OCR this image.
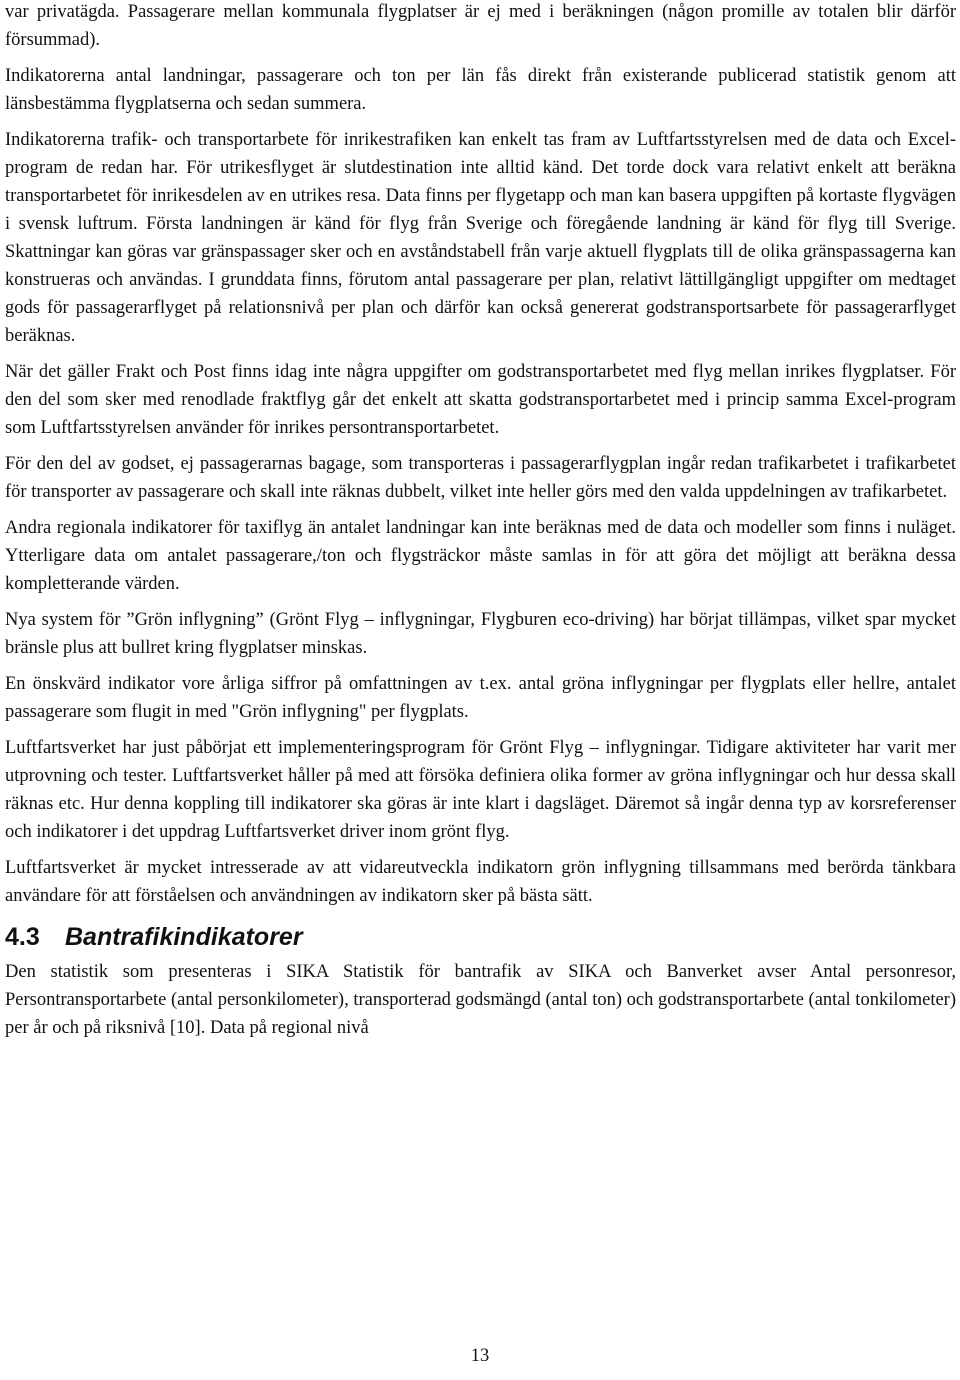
var privatägda. Passagerare mellan kommunala flygplatser är ej med i beräkningen (någon promille av totalen blir därför försummad).

Indikatorerna antal landningar, passagerare och ton per län fås direkt från existerande publicerad statistik genom att länsbestämma flygplatserna och sedan summera.

Indikatorerna trafik- och transportarbete för inrikestrafiken kan enkelt tas fram av Luftfartsstyrelsen med de data och Excel-program de redan har. För utrikesflyget är slutdestination inte alltid känd. Det torde dock vara relativt enkelt att beräkna transportarbetet för inrikesdelen av en utrikes resa. Data finns per flygetapp och man kan basera uppgiften på kortaste flygvägen i svensk luftrum. Första landningen är känd för flyg från Sverige och föregående landning är känd för flyg till Sverige. Skattningar kan göras var gränspassager sker och en avståndstabell från varje aktuell flygplats till de olika gränspassagerna kan konstrueras och användas. I grunddata finns, förutom antal passagerare per plan, relativt lättillgängligt uppgifter om medtaget gods för passagerarflyget på relationsnivå per plan och därför kan också genererat godstransportsarbete för passagerarflyget beräknas.

När det gäller Frakt och Post finns idag inte några uppgifter om godstransportarbetet med flyg mellan inrikes flygplatser. För den del som sker med renodlade fraktflyg går det enkelt att skatta godstransportarbetet med i princip samma Excel-program som Luftfartsstyrelsen använder för inrikes persontransportarbetet.

För den del av godset, ej passagerarnas bagage, som transporteras i passagerarflygplan ingår redan trafikarbetet i trafikarbetet för transporter av passagerare och skall inte räknas dubbelt, vilket inte heller görs med den valda uppdelningen av trafikarbetet.

Andra regionala indikatorer för taxiflyg än antalet landningar kan inte beräknas med de data och modeller som finns i nuläget. Ytterligare data om antalet passagerare,/ton och flygsträckor måste samlas in för att göra det möjligt att beräkna dessa kompletterande värden.

Nya system för ”Grön inflygning” (Grönt Flyg – inflygningar, Flygburen eco-driving) har börjat tillämpas, vilket spar mycket bränsle plus att bullret kring flygplatser minskas.

En önskvärd indikator vore årliga siffror på omfattningen av t.ex. antal gröna inflygningar per flygplats eller hellre, antalet passagerare som flugit in med "Grön inflygning" per flygplats.

Luftfartsverket har just påbörjat ett implementeringsprogram för Grönt Flyg – inflygningar. Tidigare aktiviteter har varit mer utprovning och tester. Luftfartsverket håller på med att försöka definiera olika former av gröna inflygningar och hur dessa skall räknas etc. Hur denna koppling till indikatorer ska göras är inte klart i dagsläget. Däremot så ingår denna typ av korsreferenser och indikatorer i det uppdrag Luftfartsverket driver inom grönt flyg.

Luftfartsverket är mycket intresserade av att vidareutveckla indikatorn grön inflygning tillsammans med berörda tänkbara användare för att förståelsen och användningen av indikatorn sker på bästa sätt.

4.3 Bantrafikindikatorer

Den statistik som presenteras i SIKA Statistik för bantrafik av SIKA och Banverket avser Antal personresor, Persontransportarbete (antal personkilometer), transporterad godsmängd (antal ton) och godstransportarbete (antal tonkilometer) per år och på riksnivå [10]. Data på regional nivå

13
